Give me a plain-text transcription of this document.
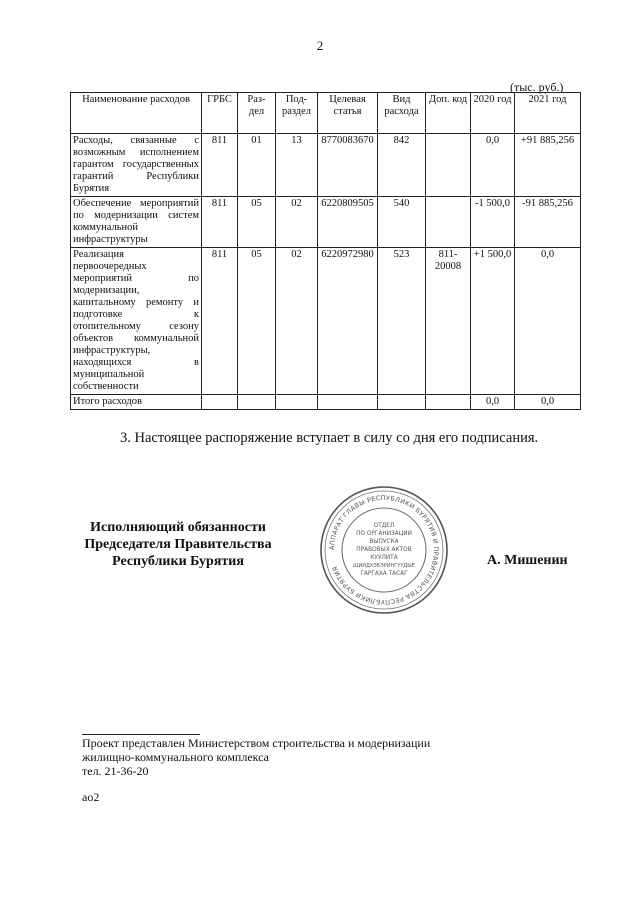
2
(тыс. руб.)
Наименование расходов	ГРБС	Раз-дел	Под-раздел	Целевая статья	Вид расхода	Доп. код	2020 год	2021 год
Расходы, связанные с возможным исполнением гарантом государственных гарантий Республики Бурятия	811	01	13	8770083670	842		0,0	+91 885,256
Обеспечение мероприятий по модернизации систем коммунальной инфраструктуры	811	05	02	6220809505	540		-1 500,0	-91 885,256
Реализация первоочередных мероприятий по модернизации, капитальному ремонту и подготовке к отопительному сезону объектов коммунальной инфраструктуры, находящихся в муниципальной собственности	811	05	02	6220972980	523	811-20008	+1 500,0	0,0
Итого расходов							0,0	0,0
3. Настоящее распоряжение вступает в силу со дня его подписания.
Исполняющий обязанности
Председателя Правительства
Республики Бурятия
АППАРАТ ГЛАВЫ РЕСПУБЛИКИ БУРЯТИЯ И ПРАВИТЕЛЬСТВА РЕСПУБЛИКИ БУРЯТИЯ
ОТДЕЛ
ПО ОРГАНИЗАЦИИ
ВЫПУСКА
ПРАВОВЫХ АКТОВ
КУУЛИТА
ШИИДХЭБЭРИНГҮҮДЫЕ
ГАРГАХА ТАСАГ
А. Мишенин
Проект представлен Министерством строительства и модернизации
жилищно-коммунального комплекса
тел. 21-36-20
ао2
